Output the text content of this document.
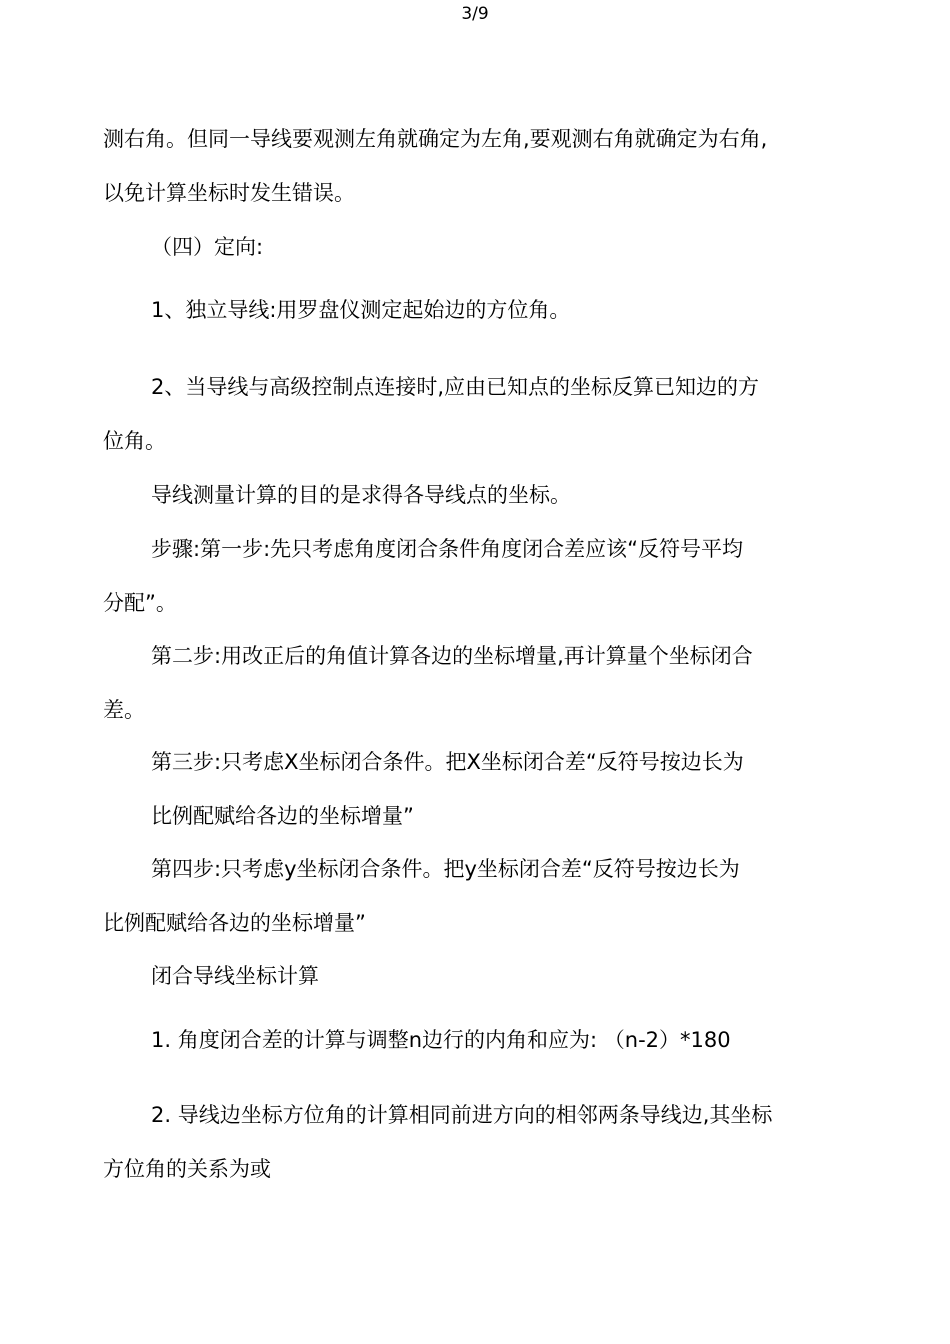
3/9
测右角。但同一导线要观测左角就确定为左角,要观测右角就确定为右角,
以免计算坐标时发生错误。
（四）定向:
1、独立导线:用罗盘仪测定起始边的方位角。
2、当导线与高级控制点连接时,应由已知点的坐标反算已知边的方
位角。
导线测量计算的目的是求得各导线点的坐标。
步骤:第一步:先只考虑角度闭合条件角度闭合差应该“反符号平均
分配”。
第二步:用改正后的角值计算各边的坐标增量,再计算量个坐标闭合
差。
第三步:只考虑X坐标闭合条件。把X坐标闭合差“反符号按边长为
比例配赋给各边的坐标增量”
第四步:只考虑y坐标闭合条件。把y坐标闭合差“反符号按边长为
比例配赋给各边的坐标增量”
闭合导线坐标计算
1. 角度闭合差的计算与调整n边行的内角和应为: （n-2）*180
2. 导线边坐标方位角的计算相同前进方向的相邻两条导线边,其坐标
方位角的关系为或
